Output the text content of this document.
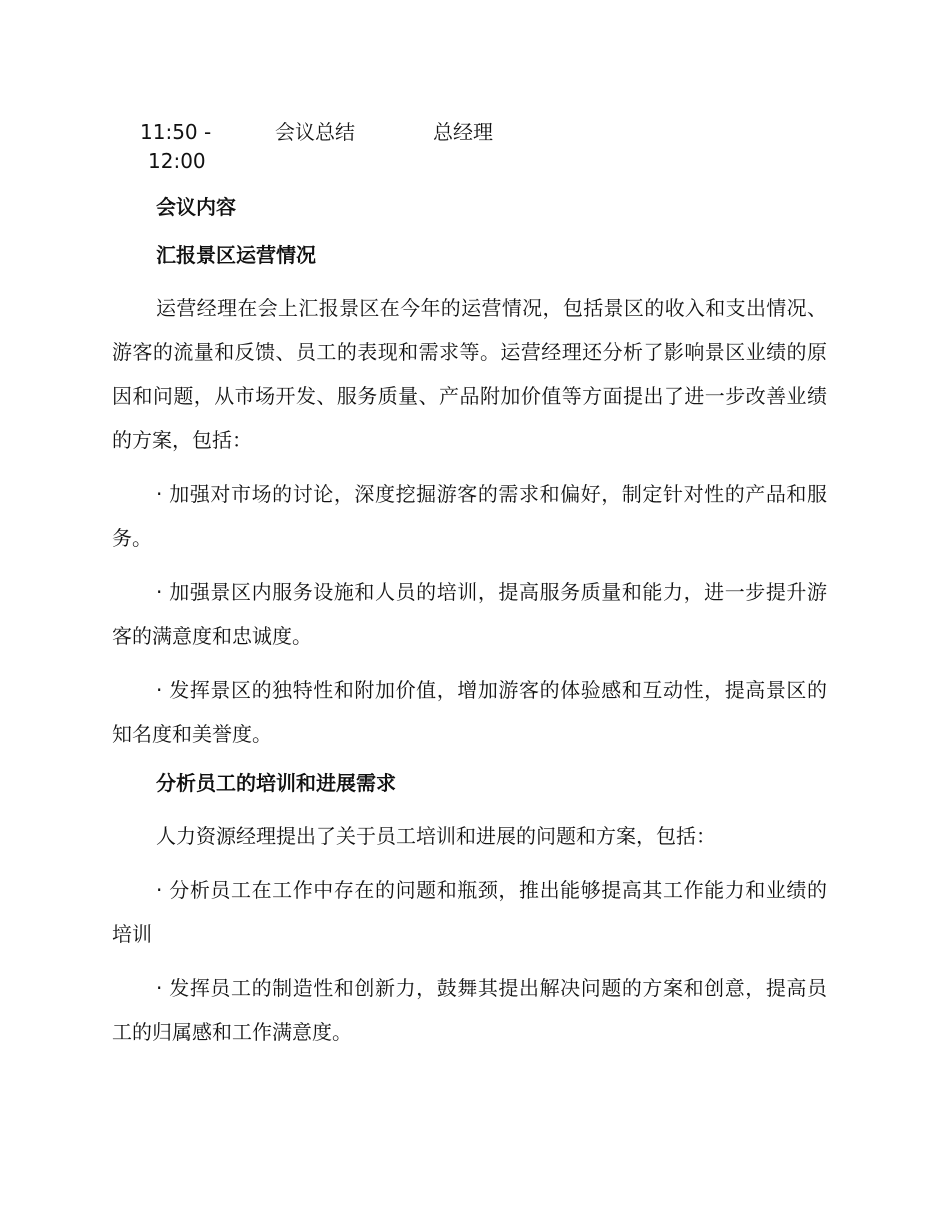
11:50 -
12:00
会议总结	总经理
会议内容
汇报景区运营情况

运营经理在会上汇报景区在今年的运营情况，包括景区的收入和支出情况、游客的流量和反馈、员工的表现和需求等。运营经理还分析了影响景区业绩的原因和问题，从市场开发、服务质量、产品附加价值等方面提出了进一步改善业绩的方案，包括：

· 加强对市场的讨论，深度挖掘游客的需求和偏好，制定针对性的产品和服务。

· 加强景区内服务设施和人员的培训，提高服务质量和能力，进一步提升游客的满意度和忠诚度。

· 发挥景区的独特性和附加价值，增加游客的体验感和互动性，提高景区的知名度和美誉度。

分析员工的培训和进展需求

人力资源经理提出了关于员工培训和进展的问题和方案，包括：

· 分析员工在工作中存在的问题和瓶颈，推出能够提高其工作能力和业绩的培训

· 发挥员工的制造性和创新力，鼓舞其提出解决问题的方案和创意，提高员工的归属感和工作满意度。
